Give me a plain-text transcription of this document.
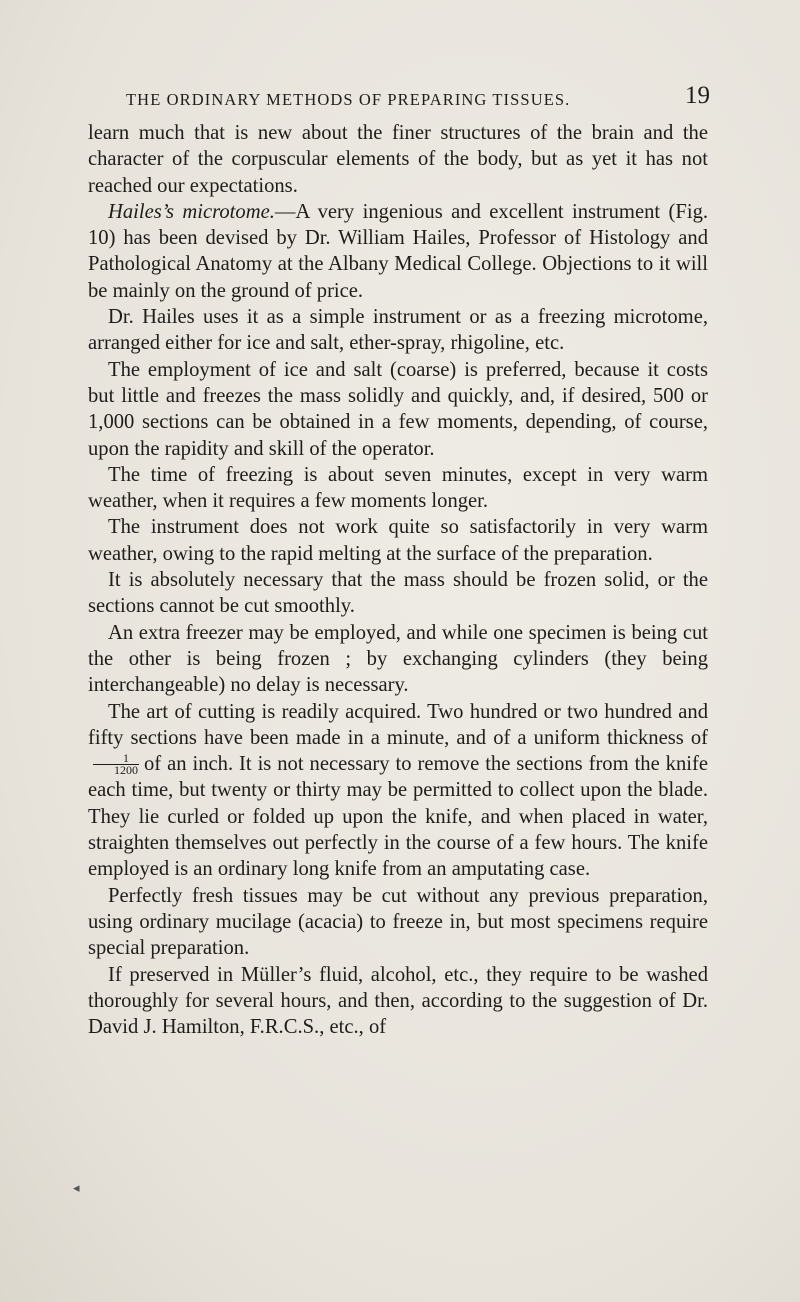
THE ORDINARY METHODS OF PREPARING TISSUES.	19

learn much that is new about the finer structures of the brain and the character of the corpuscular elements of the body, but as yet it has not reached our expectations.

Hailes’s microtome.—A very ingenious and excellent instrument (Fig. 10) has been devised by Dr. William Hailes, Professor of Histology and Pathological Anatomy at the Albany Medical College. Objections to it will be mainly on the ground of price.

Dr. Hailes uses it as a simple instrument or as a freezing microtome, arranged either for ice and salt, ether-spray, rhigoline, etc.

The employment of ice and salt (coarse) is preferred, because it costs but little and freezes the mass solidly and quickly, and, if desired, 500 or 1,000 sections can be obtained in a few moments, depending, of course, upon the rapidity and skill of the operator.

The time of freezing is about seven minutes, except in very warm weather, when it requires a few moments longer.

The instrument does not work quite so satisfactorily in very warm weather, owing to the rapid melting at the surface of the preparation.

It is absolutely necessary that the mass should be frozen solid, or the sections cannot be cut smoothly.

An extra freezer may be employed, and while one specimen is being cut the other is being frozen ; by exchanging cylinders (they being interchangeable) no delay is necessary.

The art of cutting is readily acquired. Two hundred or two hundred and fifty sections have been made in a minute, and of a uniform thickness of
$\frac{1}{1200}$ of an inch. It is not necessary to remove the sections from the knife each time, but twenty or thirty may be permitted to collect upon the blade. They lie curled or folded up upon the knife, and when placed in water, straighten themselves out perfectly in the course of a few hours. The knife employed is an ordinary long knife from an amputating case.

Perfectly fresh tissues may be cut without any previous preparation, using ordinary mucilage (acacia) to freeze in, but most specimens require special preparation.

If preserved in Müller’s fluid, alcohol, etc., they require to be washed thoroughly for several hours, and then, according to the suggestion of Dr. David J. Hamilton, F.R.C.S., etc., of

◂
